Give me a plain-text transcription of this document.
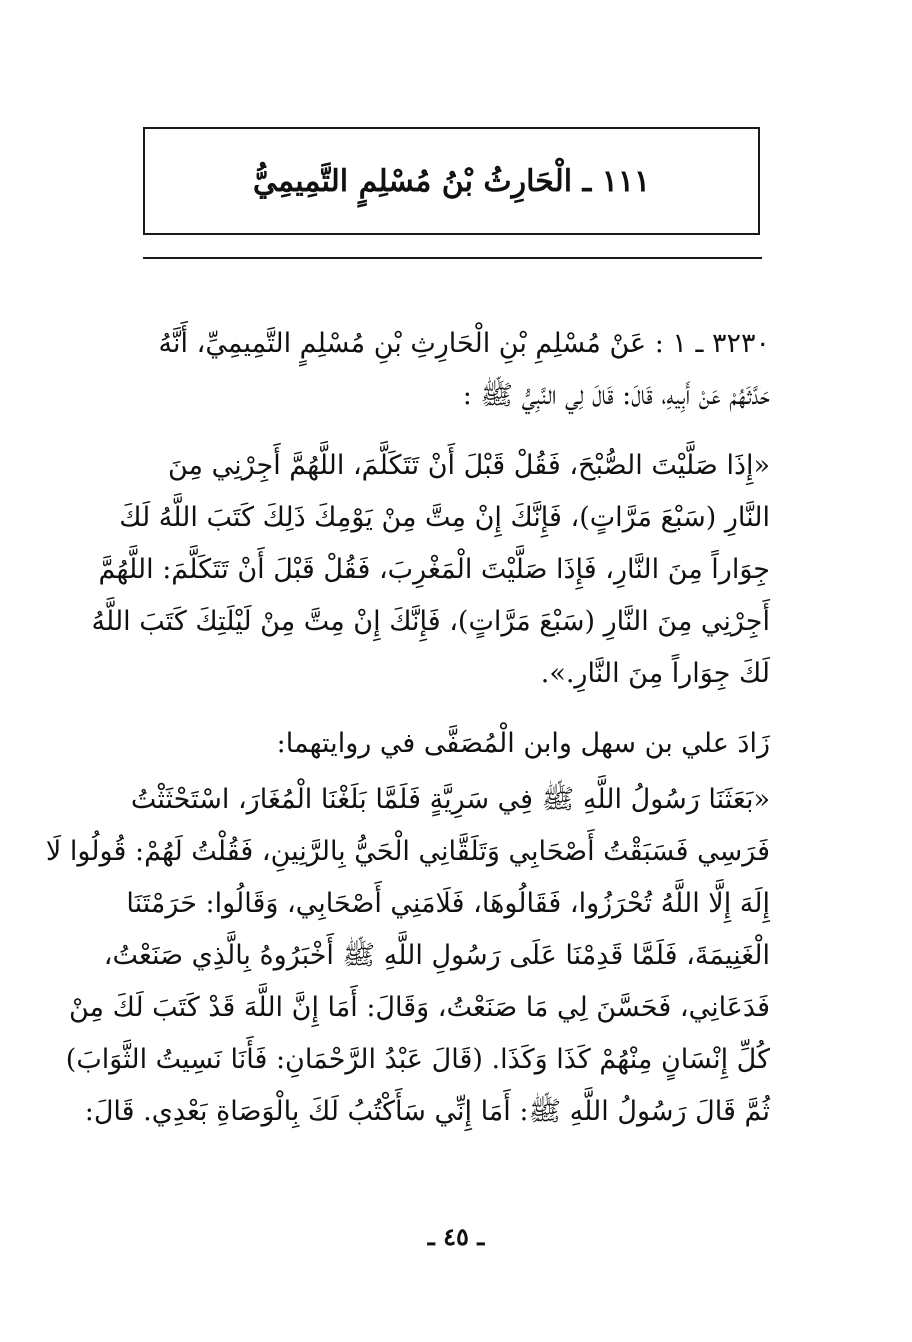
١١١ ـ الْحَارِثُ بْنُ مُسْلِمٍ التَّمِيمِيُّ
٣٢٣٠ ـ ١ : عَنْ مُسْلِمِ بْنِ الْحَارِثِ بْنِ مُسْلِمٍ التَّمِيمِيِّ، أَنَّهُ
حَدَّثَهُمْ عَنْ أَبِيهِ، قَالَ: قَالَ لِي النَّبِيُّ ﷺ :
«إِذَا صَلَّيْتَ الصُّبْحَ، فَقُلْ قَبْلَ أَنْ تَتَكَلَّمَ، اللَّهُمَّ أَجِرْنِي مِنَ
النَّارِ (سَبْعَ مَرَّاتٍ)، فَإِنَّكَ إِنْ مِتَّ مِنْ يَوْمِكَ ذَلِكَ كَتَبَ اللَّهُ لَكَ
جِوَاراً مِنَ النَّارِ، فَإِذَا صَلَّيْتَ الْمَغْرِبَ، فَقُلْ قَبْلَ أَنْ تَتَكَلَّمَ: اللَّهُمَّ
أَجِرْنِي مِنَ النَّارِ (سَبْعَ مَرَّاتٍ)، فَإِنَّكَ إِنْ مِتَّ مِنْ لَيْلَتِكَ كَتَبَ اللَّهُ
لَكَ جِوَاراً مِنَ النَّارِ.».
زَادَ علي بن سهل وابن الْمُصَفَّى في روايتهما:
«بَعَثَنَا رَسُولُ اللَّهِ ﷺ فِي سَرِيَّةٍ فَلَمَّا بَلَغْنَا الْمُغَارَ، اسْتَحْثَثْتُ
فَرَسِي فَسَبَقْتُ أَصْحَابِي وَتَلَقَّانِي الْحَيُّ بِالرَّنِينِ، فَقُلْتُ لَهُمْ: قُولُوا لَا
إِلَهَ إِلَّا اللَّهُ تُحْرَزُوا، فَقَالُوهَا، فَلَامَنِي أَصْحَابِي، وَقَالُوا: حَرَمْتَنَا
الْغَنِيمَةَ، فَلَمَّا قَدِمْنَا عَلَى رَسُولِ اللَّهِ ﷺ أَخْبَرُوهُ بِالَّذِي صَنَعْتُ،
فَدَعَانِي، فَحَسَّنَ لِي مَا صَنَعْتُ، وَقَالَ: أَمَا إِنَّ اللَّهَ قَدْ كَتَبَ لَكَ مِنْ
كُلِّ إِنْسَانٍ مِنْهُمْ كَذَا وَكَذَا. (قَالَ عَبْدُ الرَّحْمَانِ: فَأَنَا نَسِيتُ الثَّوَابَ)
ثُمَّ قَالَ رَسُولُ اللَّهِ ﷺ: أَمَا إِنِّي سَأَكْتُبُ لَكَ بِالْوَصَاةِ بَعْدِي. قَالَ:
ـ ٤٥ ـ
